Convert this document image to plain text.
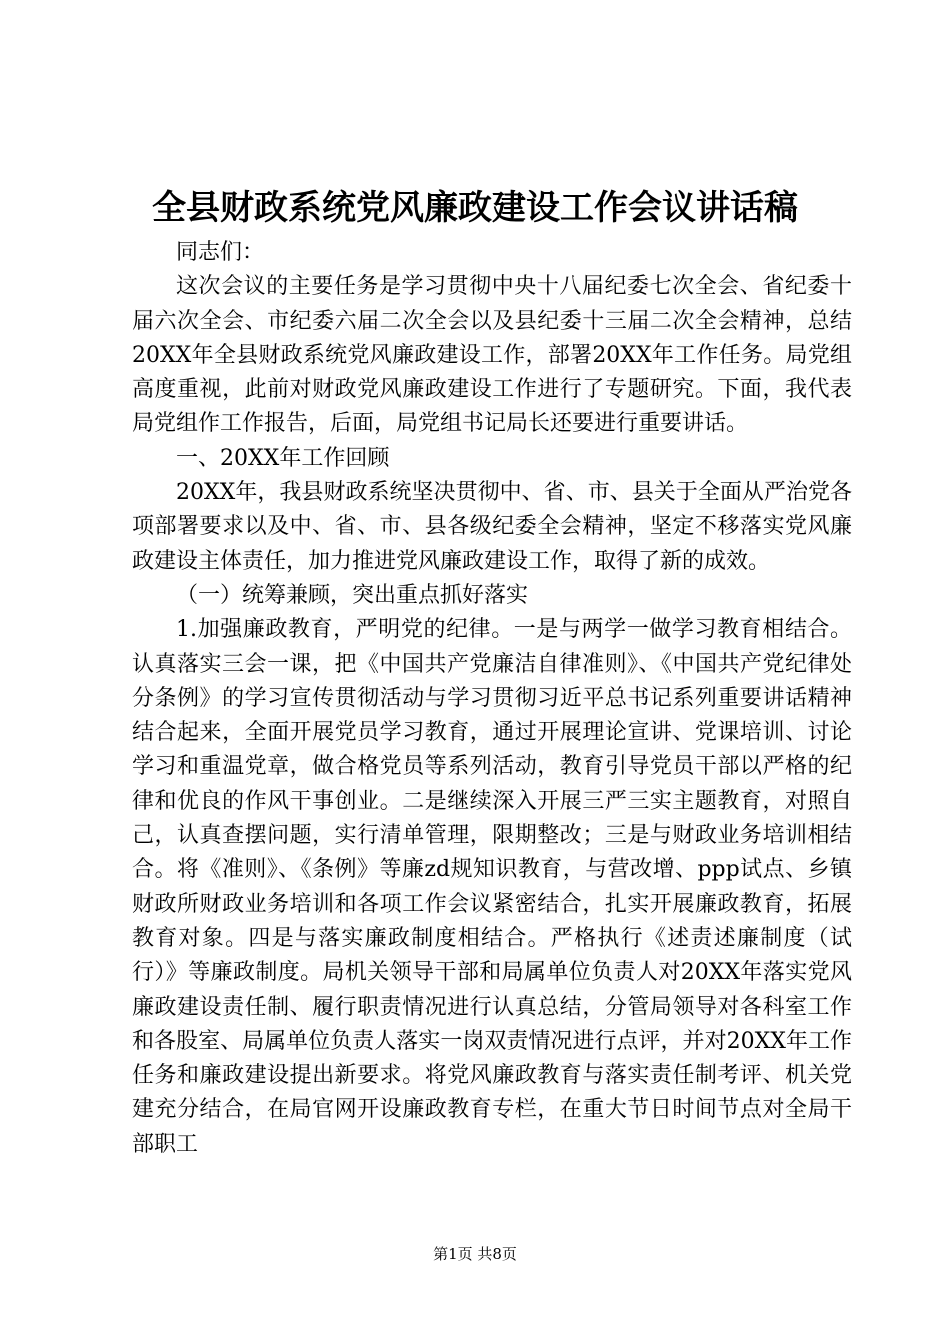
全县财政系统党风廉政建设工作会议讲话稿

同志们：

这次会议的主要任务是学习贯彻中央十八届纪委七次全会、省纪委十届六次全会、市纪委六届二次全会以及县纪委十三届二次全会精神，总结20XX年全县财政系统党风廉政建设工作，部署20XX年工作任务。局党组高度重视，此前对财政党风廉政建设工作进行了专题研究。下面，我代表局党组作工作报告，后面，局党组书记局长还要进行重要讲话。

一、20XX年工作回顾

20XX年，我县财政系统坚决贯彻中、省、市、县关于全面从严治党各项部署要求以及中、省、市、县各级纪委全会精神，坚定不移落实党风廉政建设主体责任，加力推进党风廉政建设工作，取得了新的成效。

（一）统筹兼顾，突出重点抓好落实

1.加强廉政教育，严明党的纪律。一是与两学一做学习教育相结合。认真落实三会一课，把《中国共产党廉洁自律准则》、《中国共产党纪律处分条例》的学习宣传贯彻活动与学习贯彻习近平总书记系列重要讲话精神结合起来，全面开展党员学习教育，通过开展理论宣讲、党课培训、讨论学习和重温党章，做合格党员等系列活动，教育引导党员干部以严格的纪律和优良的作风干事创业。二是继续深入开展三严三实主题教育，对照自己，认真查摆问题，实行清单管理，限期整改；三是与财政业务培训相结合。将《准则》、《条例》等廉zd规知识教育，与营改增、ppp试点、乡镇财政所财政业务培训和各项工作会议紧密结合，扎实开展廉政教育，拓展教育对象。四是与落实廉政制度相结合。严格执行《述责述廉制度（试行）》等廉政制度。局机关领导干部和局属单位负责人对20XX年落实党风廉政建设责任制、履行职责情况进行认真总结，分管局领导对各科室工作和各股室、局属单位负责人落实一岗双责情况进行点评，并对20XX年工作任务和廉政建设提出新要求。将党风廉政教育与落实责任制考评、机关党建充分结合，在局官网开设廉政教育专栏，在重大节日时间节点对全局干部职工

第1页 共8页
